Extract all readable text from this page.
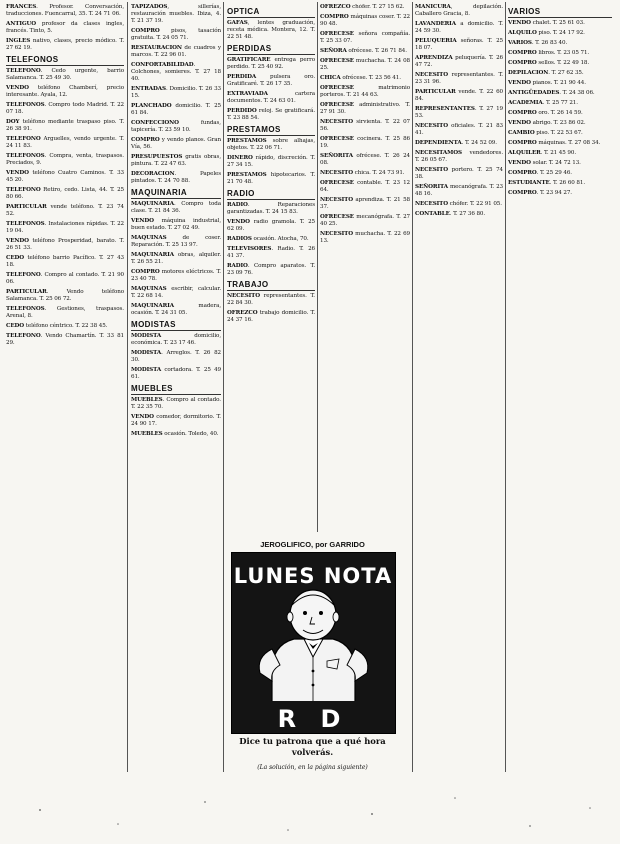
FRANCES. Profesor. Conversación, traducciones. Fuencarral, 35. T. 24 71 06.
ANTIGUO profesor da clases ingles, francés. Tinto, 5.
INGLES nativo, clases, precio módico. T. 27 62 19.
TELEFONOS
TELEFONO. Cedo urgente, barrio Salamanca. T. 25 49 30.
VENDO teléfono Chamberí, precio interesante. Ayala, 12.
TELEFONOS. Compro todo Madrid. T. 22 07 18.
DOY teléfono mediante traspaso piso. T. 26 38 91.
TELEFONO Arguelles, vendo urgente. T. 24 11 83.
TELEFONOS. Compra, venta, traspasos. Preciados, 9.
VENDO teléfono Cuatro Caminos. T. 33 45 20.
TELEFONO Retiro, cedo. Lista, 44. T. 25 80 66.
PARTICULAR vende teléfono. T. 23 74 52.
TELEFONOS. Instalaciones rápidas. T. 22 19 04.
VENDO teléfono Prosperidad, barato. T. 26 51 33.
CEDO teléfono barrio Pacífico. T. 27 43 18.
TELEFONO. Compro al contado. T. 21 90 06.
PARTICULAR. Vendo teléfono Salamanca. T. 25 06 72.
TELEFONOS. Gestiones, traspasos. Arenal, 8.
CEDO teléfono céntrico. T. 22 38 45.
TELEFONO. Vendo Chamartín. T. 33 81 29.
TAPIZADOS, sillerías, restauración muebles. Ibiza, 4. T. 21 37 19.
COMPRO pisos, tasación gratuita. T. 24 05 71.
RESTAURACION de cuadros y marcos. T. 22 96 01.
CONFORTABILIDAD. Colchones, somieres. T. 27 18 40.
ENTRADAS. Domicilio. T. 26 33 15.
PLANCHADO domicilio. T. 25 61 84.
CONFECCIONO fundas, tapicería. T. 23 59 10.
COMPRO y vendo planos. Gran Vía, 56.
PRESUPUESTOS gratis obras, pintura. T. 22 47 63.
DECORACION. Papeles pintados. T. 24 70 88.
MAQUINARIA
MAQUINARIA. Compro toda clase. T. 21 84 36.
VENDO máquina industrial, buen estado. T. 27 02 49.
MAQUINAS de coser. Reparación. T. 25 13 97.
MAQUINARIA obras, alquiler. T. 26 55 21.
COMPRO motores eléctricos. T. 23 40 78.
MAQUINAS escribir, calcular. T. 22 68 14.
MAQUINARIA madera, ocasión. T. 24 31 05.
MODISTAS
MODISTA domicilio, económica. T. 23 17 46.
MODISTA. Arreglos. T. 26 82 30.
MODISTA cortadora. T. 25 49 61.
MUEBLES
MUEBLES. Compro al contado. T. 22 35 70.
VENDO comedor, dormitorio. T. 24 90 17.
MUEBLES ocasión. Toledo, 40.
OPTICA
GAFAS, lentes graduación, receta médica. Montera, 12. T. 22 51 48.
PERDIDAS
GRATIFICARE entrega perro perdido. T. 25 40 92.
PERDIDA pulsera oro. Gratificaré. T. 26 17 35.
EXTRAVIADA cartera documentos. T. 24 63 01.
PERDIDO reloj. Se gratificará. T. 23 88 54.
PRESTAMOS
PRESTAMOS sobre alhajas, objetos. T. 22 06 71.
DINERO rápido, discreción. T. 27 34 15.
PRESTAMOS hipotecarios. T. 21 70 48.
RADIO
RADIO. Reparaciones garantizadas. T. 24 15 83.
VENDO radio gramola. T. 25 62 09.
RADIOS ocasión. Atocha, 70.
TELEVISORES. Radio. T. 26 41 37.
RADIO. Compro aparatos. T. 23 09 76.
TRABAJO
NECESITO representantes. T. 22 84 30.
OFREZCO trabajo domicilio. T. 24 37 16.
OFREZCO chófer. T. 27 15 62.
COMPRO máquinas coser. T. 22 90 48.
OFRECESE señora compañía. T. 25 33 07.
SEÑORA ofrécese. T. 26 71 84.
OFRECESE muchacha. T. 24 08 25.
CHICA ofrécese. T. 23 56 41.
OFRECESE matrimonio porteros. T. 21 44 63.
OFRECESE administrativo. T. 27 91 30.
NECESITO sirvienta. T. 22 07 56.
OFRECESE cocinera. T. 25 86 19.
SEÑORITA ofrécese. T. 26 24 08.
NECESITO chica. T. 24 73 91.
OFRECESE contable. T. 23 12 64.
NECESITO aprendiza. T. 21 58 37.
OFRECESE mecanógrafa. T. 27 40 25.
NECESITO muchacha. T. 22 69 13.
MANICURA, depilación. Caballero Gracia, 8.
LAVANDERIA a domicilio. T. 24 59 30.
PELUQUERIA señoras. T. 25 18 07.
APRENDIZA peluquería. T. 26 47 72.
NECESITO representantes. T. 23 31 96.
PARTICULAR vende. T. 22 60 84.
REPRESENTANTES. T. 27 19 53.
NECESITO oficiales. T. 21 83 41.
DEPENDIENTA. T. 24 52 09.
NECESITAMOS vendedores. T. 26 05 67.
NECESITO portero. T. 25 74 38.
SEÑORITA mecanógrafa. T. 23 48 16.
NECESITO chófer. T. 22 91 05.
CONTABLE. T. 27 36 80.
VARIOS
VENDO chalet. T. 25 61 03.
ALQUILO piso. T. 24 17 92.
VARIOS. T. 26 83 40.
COMPRO libros. T. 23 05 71.
COMPRO sellos. T. 22 49 18.
DEPILACION. T. 27 62 35.
VENDO pianos. T. 21 90 44.
ANTIGÜEDADES. T. 24 38 06.
ACADEMIA. T. 25 77 21.
COMPRO oro. T. 26 14 59.
VENDO abrigo. T. 23 86 02.
CAMBIO piso. T. 22 53 67.
COMPRO máquinas. T. 27 08 34.
ALQUILER. T. 21 45 90.
VENDO solar. T. 24 72 13.
COMPRO. T. 25 29 46.
ESTUDIANTE. T. 26 60 81.
COMPRO. T. 23 94 27.
JEROGLIFICO, por GARRIDO
LUNES NOTA
R D
Dice tu patrona que a qué hora volverás.
(La solución, en la página siguiente)
